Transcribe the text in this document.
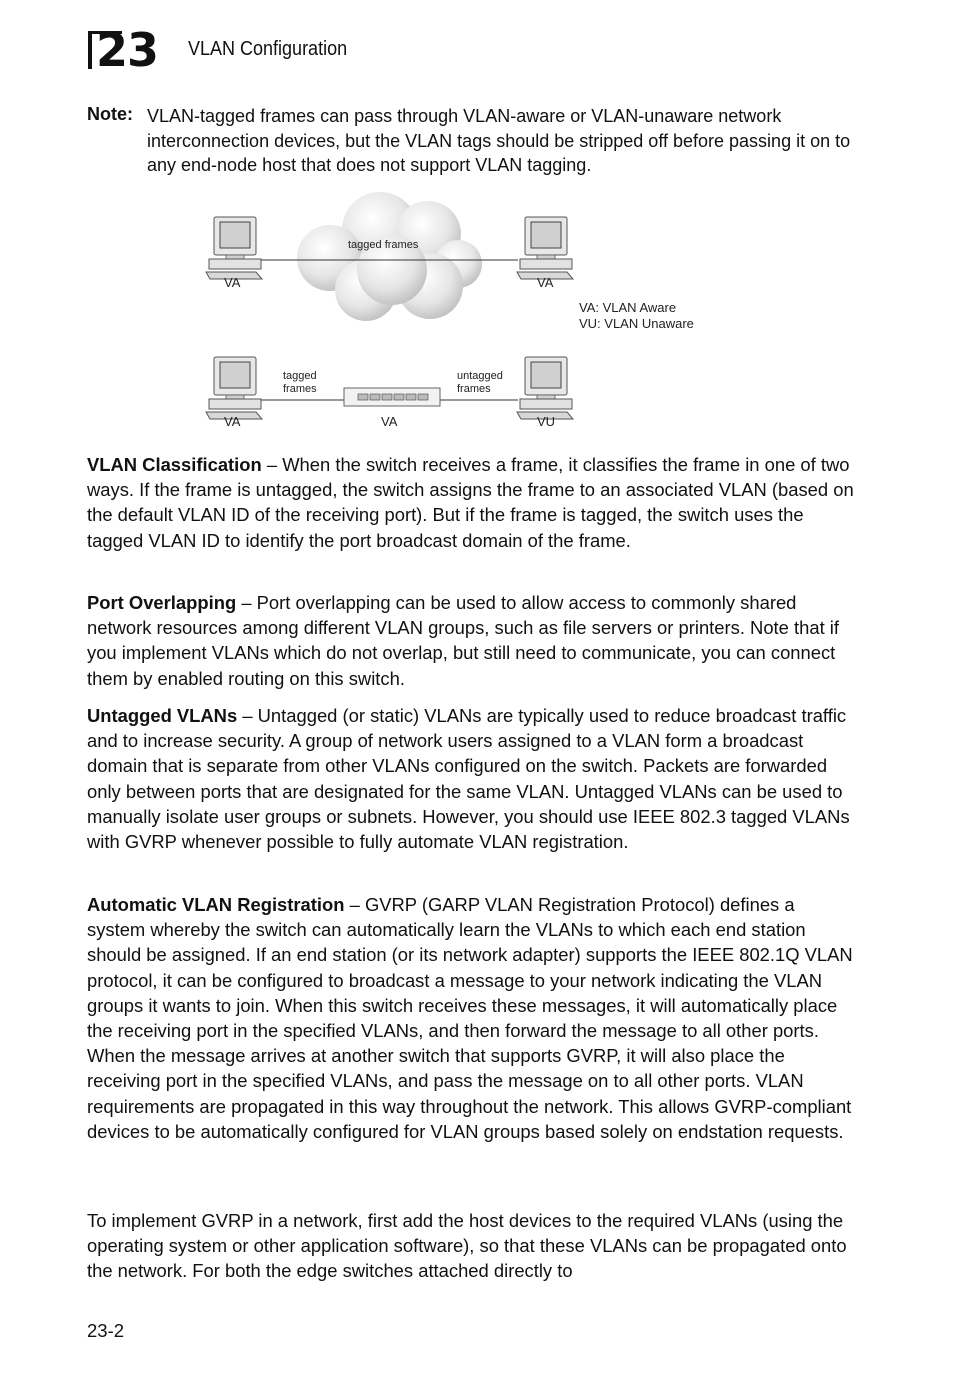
23 VLAN Configuration
Note: VLAN-tagged frames can pass through VLAN-aware or VLAN-unaware network interconnection devices, but the VLAN tags should be stripped off before passing it on to any end-node host that does not support VLAN tagging.
tagged frames
VA	VA
VA: VLAN Aware
VU: VLAN Unaware
tagged
frames
untagged
frames
VA	VA	VU

VLAN Classification – When the switch receives a frame, it classifies the frame in one of two ways. If the frame is untagged, the switch assigns the frame to an associated VLAN (based on the default VLAN ID of the receiving port). But if the frame is tagged, the switch uses the tagged VLAN ID to identify the port broadcast domain of the frame.

Port Overlapping – Port overlapping can be used to allow access to commonly shared network resources among different VLAN groups, such as file servers or printers. Note that if you implement VLANs which do not overlap, but still need to communicate, you can connect them by enabled routing on this switch.

Untagged VLANs – Untagged (or static) VLANs are typically used to reduce broadcast traffic and to increase security. A group of network users assigned to a VLAN form a broadcast domain that is separate from other VLANs configured on the switch. Packets are forwarded only between ports that are designated for the same VLAN. Untagged VLANs can be used to manually isolate user groups or subnets. However, you should use IEEE 802.3 tagged VLANs with GVRP whenever possible to fully automate VLAN registration.

Automatic VLAN Registration – GVRP (GARP VLAN Registration Protocol) defines a system whereby the switch can automatically learn the VLANs to which each end station should be assigned. If an end station (or its network adapter) supports the IEEE 802.1Q VLAN protocol, it can be configured to broadcast a message to your network indicating the VLAN groups it wants to join. When this switch receives these messages, it will automatically place the receiving port in the specified VLANs, and then forward the message to all other ports. When the message arrives at another switch that supports GVRP, it will also place the receiving port in the specified VLANs, and pass the message on to all other ports. VLAN requirements are propagated in this way throughout the network. This allows GVRP-compliant devices to be automatically configured for VLAN groups based solely on endstation requests.

To implement GVRP in a network, first add the host devices to the required VLANs (using the operating system or other application software), so that these VLANs can be propagated onto the network. For both the edge switches attached directly to

23-2
